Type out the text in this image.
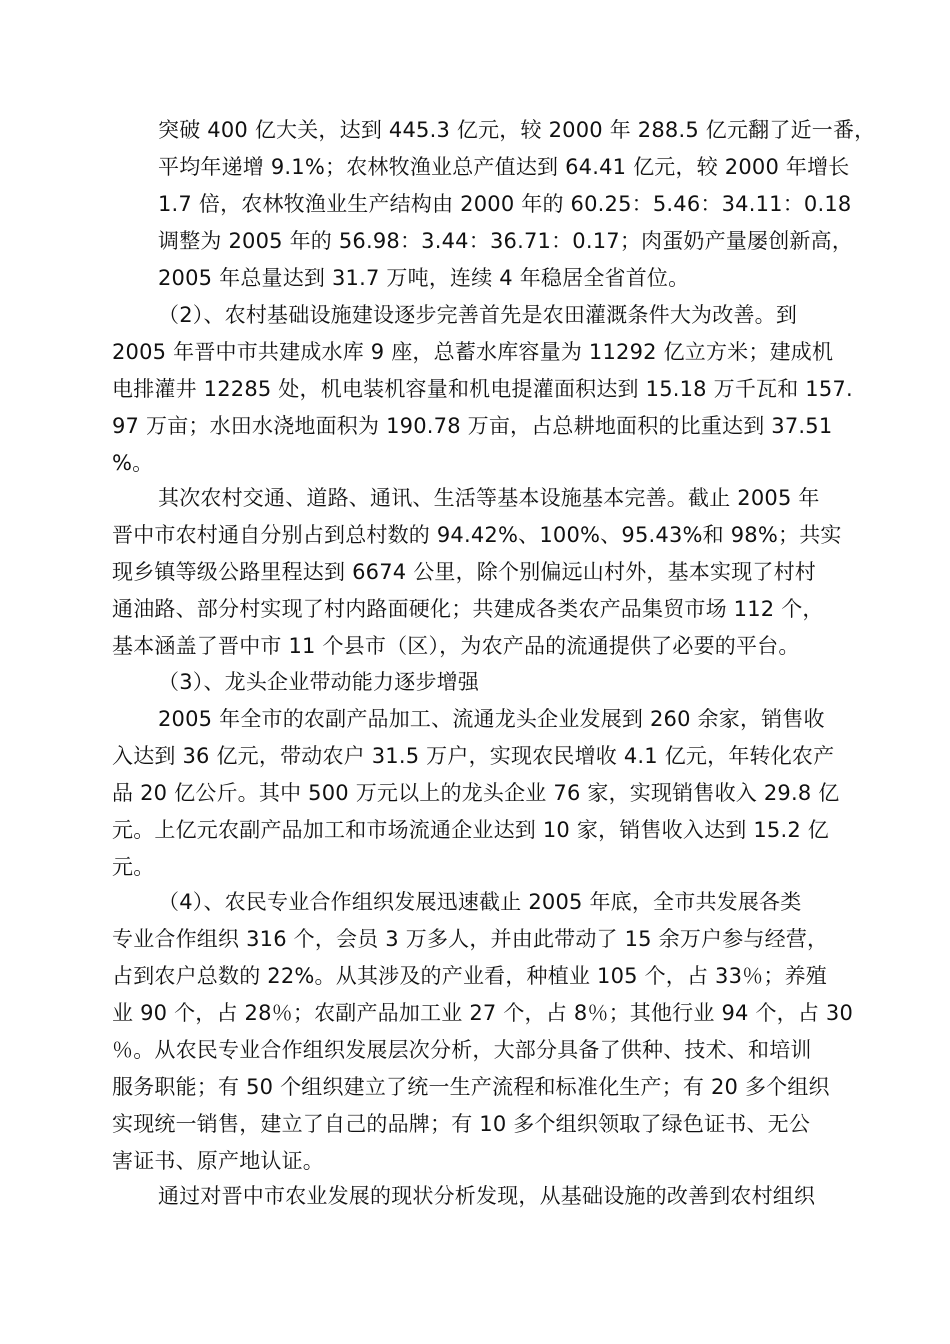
突破 400 亿大关，达到 445.3 亿元，较 2000 年 288.5 亿元翻了近一番，
平均年递增 9.1%；农林牧渔业总产值达到 64.41 亿元，较 2000 年增长
1.7 倍，农林牧渔业生产结构由 2000 年的 60.25：5.46：34.11：0.18
调整为 2005 年的 56.98：3.44：36.71：0.17；肉蛋奶产量屡创新高，
2005 年总量达到 31.7 万吨，连续 4 年稳居全省首位。
（2）、农村基础设施建设逐步完善首先是农田灌溉条件大为改善。到
2005 年晋中市共建成水库 9 座，总蓄水库容量为 11292 亿立方米；建成机
电排灌井 12285 处，机电装机容量和机电提灌面积达到 15.18 万千瓦和 157.
97 万亩；水田水浇地面积为 190.78 万亩，占总耕地面积的比重达到 37.51
%。
其次农村交通、道路、通讯、生活等基本设施基本完善。截止 2005 年
晋中市农村通自分别占到总村数的 94.42%、100%、95.43%和 98%；共实
现乡镇等级公路里程达到 6674 公里，除个别偏远山村外，基本实现了村村
通油路、部分村实现了村内路面硬化；共建成各类农产品集贸市场 112 个，
基本涵盖了晋中市 11 个县市（区），为农产品的流通提供了必要的平台。
（3）、龙头企业带动能力逐步增强
2005 年全市的农副产品加工、流通龙头企业发展到 260 余家，销售收
入达到 36 亿元，带动农户 31.5 万户，实现农民增收 4.1 亿元，年转化农产
品 20 亿公斤。其中 500 万元以上的龙头企业 76 家，实现销售收入 29.8 亿
元。上亿元农副产品加工和市场流通企业达到 10 家，销售收入达到 15.2 亿
元。
（4）、农民专业合作组织发展迅速截止 2005 年底，全市共发展各类
专业合作组织 316 个，会员 3 万多人，并由此带动了 15 余万户参与经营，
占到农户总数的 22%。从其涉及的产业看，种植业 105 个，占 33％；养殖
业 90 个，占 28％；农副产品加工业 27 个，占 8％；其他行业 94 个，占 30
％。从农民专业合作组织发展层次分析，大部分具备了供种、技术、和培训
服务职能；有 50 个组织建立了统一生产流程和标准化生产；有 20 多个组织
实现统一销售，建立了自己的品牌；有 10 多个组织领取了绿色证书、无公
害证书、原产地认证。
通过对晋中市农业发展的现状分析发现，从基础设施的改善到农村组织
